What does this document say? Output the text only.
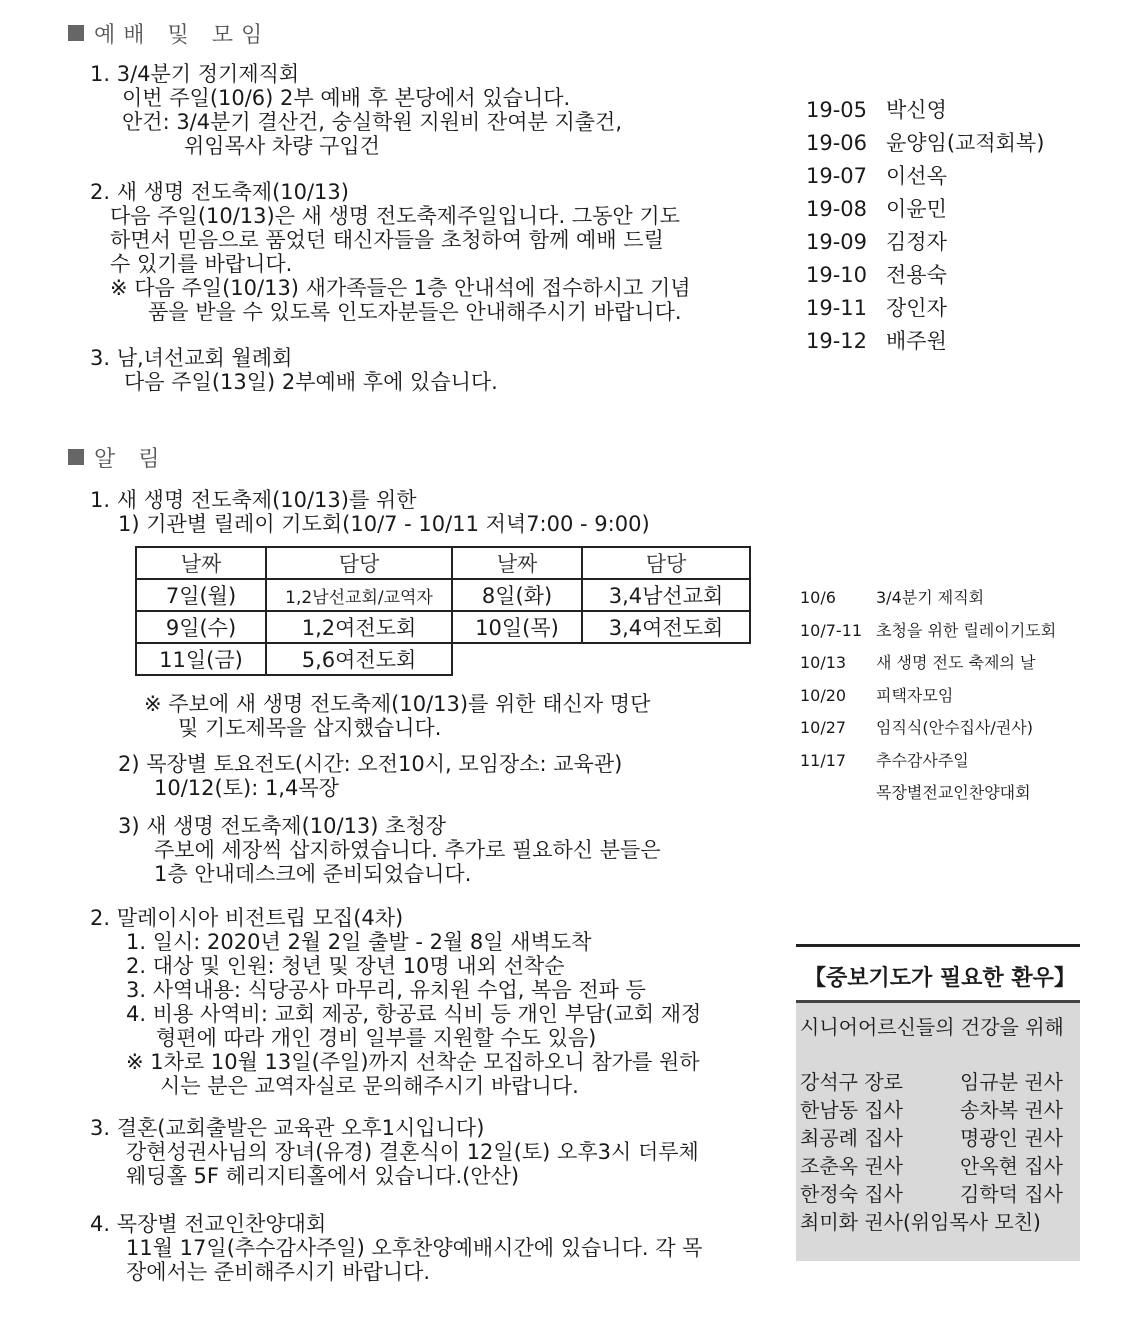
예배 및 모임
1. 3/4분기 정기제직회
이번 주일(10/6) 2부 예배 후 본당에서 있습니다.
안건: 3/4분기 결산건, 숭실학원 지원비 잔여분 지출건,
위임목사 차량 구입건
2. 새 생명 전도축제(10/13)
다음 주일(10/13)은 새 생명 전도축제주일입니다. 그동안 기도
하면서 믿음으로 품었던 태신자들을 초청하여 함께 예배 드릴
수 있기를 바랍니다.
※ 다음 주일(10/13) 새가족들은 1층 안내석에 접수하시고 기념
품을 받을 수 있도록 인도자분들은 안내해주시기 바랍니다.
3. 남,녀선교회 월례회
다음 주일(13일) 2부예배 후에 있습니다.
19-05 박신영
19-06 윤양임(교적회복)
19-07 이선옥
19-08 이윤민
19-09 김정자
19-10 전용숙
19-11 장인자
19-12 배주원
알 림
1. 새 생명 전도축제(10/13)를 위한
1) 기관별 릴레이 기도회(10/7 - 10/11 저녁7:00 - 9:00)
날짜	담당	날짜	담당
7일(월)	1,2남선교회/교역자	8일(화)	3,4남선교회
9일(수)	1,2여전도회	10일(목)	3,4여전도회
11일(금)	5,6여전도회		
※ 주보에 새 생명 전도축제(10/13)를 위한 태신자 명단
및 기도제목을 삽지했습니다.
2) 목장별 토요전도(시간: 오전10시, 모임장소: 교육관)
10/12(토): 1,4목장
3) 새 생명 전도축제(10/13) 초청장
주보에 세장씩 삽지하였습니다. 추가로 필요하신 분들은
1층 안내데스크에 준비되었습니다.
2. 말레이시아 비전트립 모집(4차)
1. 일시: 2020년 2월 2일 출발 - 2월 8일 새벽도착
2. 대상 및 인원: 청년 및 장년 10명 내외 선착순
3. 사역내용: 식당공사 마무리, 유치원 수업, 복음 전파 등
4. 비용 사역비: 교회 제공, 항공료 식비 등 개인 부담(교회 재정
형편에 따라 개인 경비 일부를 지원할 수도 있음)
※ 1차로 10월 13일(주일)까지 선착순 모집하오니 참가를 원하
시는 분은 교역자실로 문의해주시기 바랍니다.
3. 결혼(교회출발은 교육관 오후1시입니다)
강현성권사님의 장녀(유경) 결혼식이 12일(토) 오후3시 더루체
웨딩홀 5F 헤리지티홀에서 있습니다.(안산)
4. 목장별 전교인찬양대회
11월 17일(추수감사주일) 오후찬양예배시간에 있습니다. 각 목
장에서는 준비해주시기 바랍니다.
10/6	3/4분기 제직회
10/7-11 초청을 위한 릴레이기도회
10/13 새 생명 전도 축제의 날
10/20 피택자모임
10/27 임직식(안수집사/권사)
11/17 추수감사주일
목장별전교인찬양대회
【중보기도가 필요한 환우】
시니어어르신들의 건강을 위해
강석구 장로	임규분 권사
한남동 집사	송차복 권사
최공례 집사	명광인 권사
조춘옥 권사	안옥현 집사
한정숙 집사	김학덕 집사
최미화 권사(위임목사 모친)
